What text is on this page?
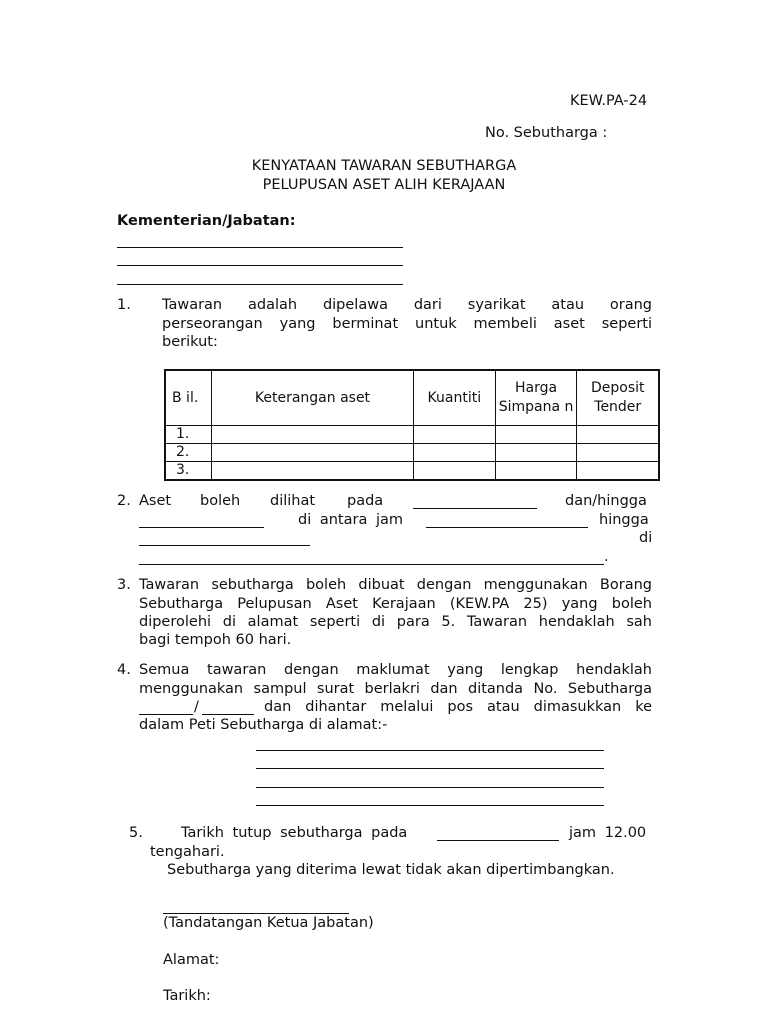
KEW.PA-24
No. Sebutharga :
KENYATAAN TAWARAN SEBUTHARGA
PELUPUSAN ASET ALIH KERAJAAN
Kementerian/Jabatan:
1. Tawaran adalah dipelawa dari syarikat atau orang
perseorangan yang berminat untuk membeli aset seperti
berikut:
B il.	Keterangan aset	Kuantiti	Harga Simpana n	Deposit Tender
1.				
2.				
3.				
2. Aset boleh dilihat pada	dan/hingga
di antara jam	hingga
di
.
3. Tawaran sebutharga boleh dibuat dengan menggunakan Borang
Sebutharga Pelupusan Aset Kerajaan (KEW.PA 25) yang boleh
diperolehi di alamat seperti di para 5. Tawaran hendaklah sah
bagi tempoh 60 hari.
4. Semua tawaran dengan maklumat yang lengkap hendaklah
menggunakan sampul surat berlakri dan ditanda No. Sebutharga
/	dan dihantar melalui pos atau dimasukkan ke
dalam Peti Sebutharga di alamat:-
5.	Tarikh tutup sebutharga pada	jam 12.00
tengahari.
Sebutharga yang diterima lewat tidak akan dipertimbangkan.
(Tandatangan Ketua Jabatan)
Alamat:
Tarikh:
